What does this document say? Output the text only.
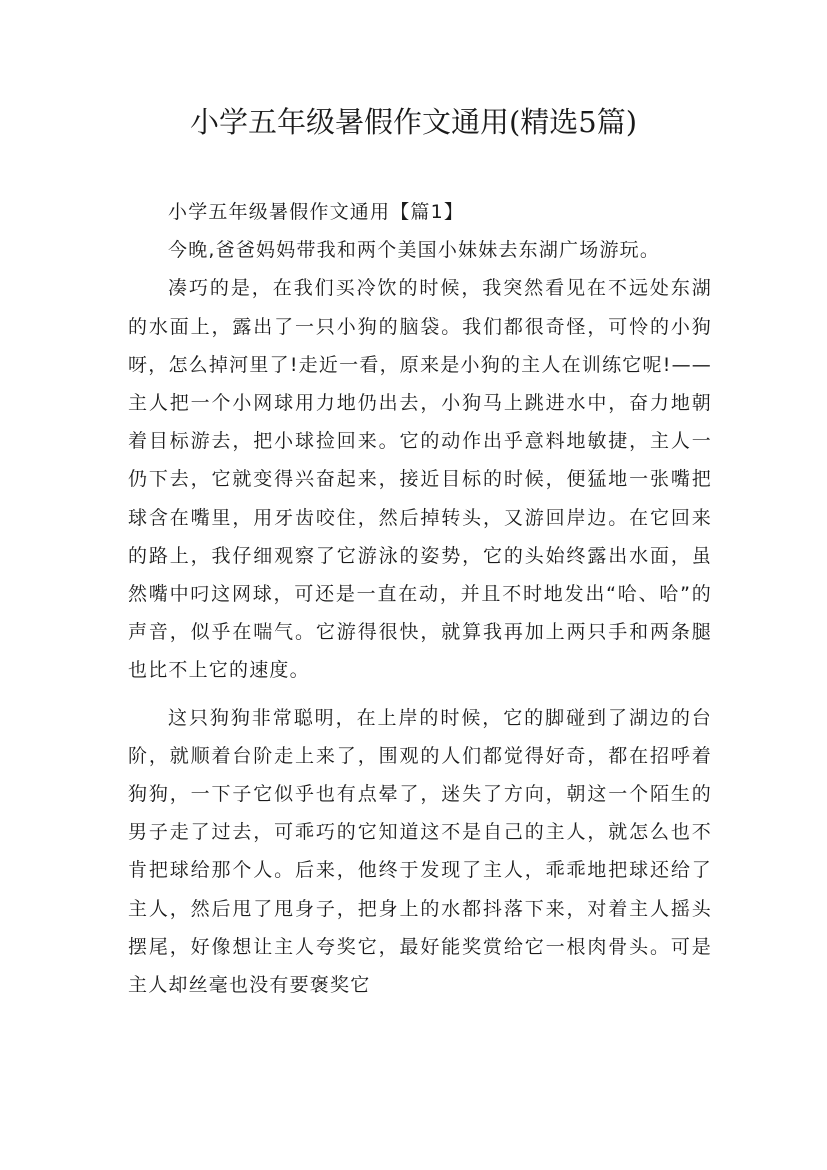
小学五年级暑假作文通用(精选5篇)

小学五年级暑假作文通用【篇1】

今晚,爸爸妈妈带我和两个美国小妹妹去东湖广场游玩。

凑巧的是，在我们买冷饮的时候，我突然看见在不远处东湖的水面上，露出了一只小狗的脑袋。我们都很奇怪，可怜的小狗呀，怎么掉河里了!走近一看，原来是小狗的主人在训练它呢!——主人把一个小网球用力地仍出去，小狗马上跳进水中，奋力地朝着目标游去，把小球捡回来。它的动作出乎意料地敏捷，主人一仍下去，它就变得兴奋起来，接近目标的时候，便猛地一张嘴把球含在嘴里，用牙齿咬住，然后掉转头，又游回岸边。在它回来的路上，我仔细观察了它游泳的姿势，它的头始终露出水面，虽然嘴中叼这网球，可还是一直在动，并且不时地发出“哈、哈”的声音，似乎在喘气。它游得很快，就算我再加上两只手和两条腿也比不上它的速度。

这只狗狗非常聪明，在上岸的时候，它的脚碰到了湖边的台阶，就顺着台阶走上来了，围观的人们都觉得好奇，都在招呼着狗狗，一下子它似乎也有点晕了，迷失了方向，朝这一个陌生的男子走了过去，可乖巧的它知道这不是自己的主人，就怎么也不肯把球给那个人。后来，他终于发现了主人，乖乖地把球还给了主人，然后甩了甩身子，把身上的水都抖落下来，对着主人摇头摆尾，好像想让主人夸奖它，最好能奖赏给它一根肉骨头。可是主人却丝毫也没有要褒奖它
